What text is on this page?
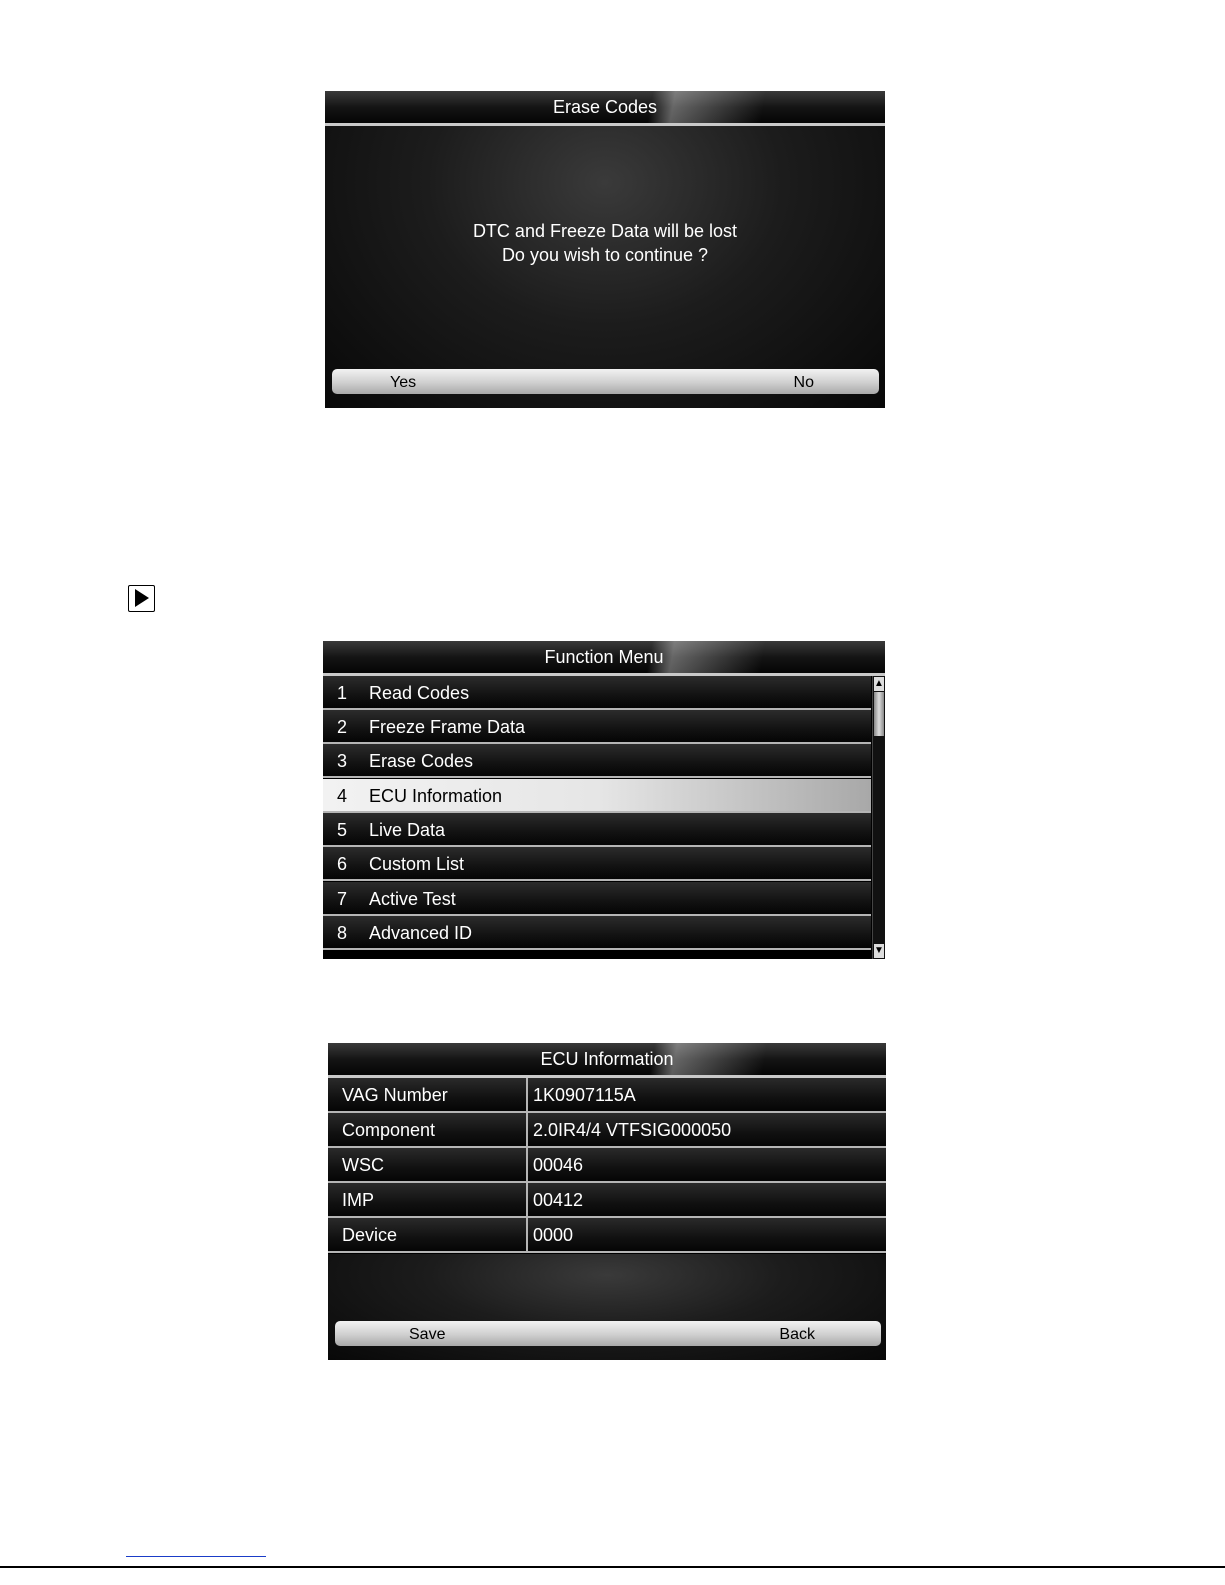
Erase Codes
DTC and Freeze Data will be lost
Do you wish to continue ?
Yes	No
Function Menu
1 Read Codes
2 Freeze Frame Data
3 Erase Codes
4 ECU Information
5 Live Data
6 Custom List
7 Active Test
8 Advanced ID
▲
▼
ECU Information
VAG Number	1K0907115A
Component	2.0IR4/4 VTFSIG000050
WSC	00046
IMP	00412
Device	0000
Save	Back
